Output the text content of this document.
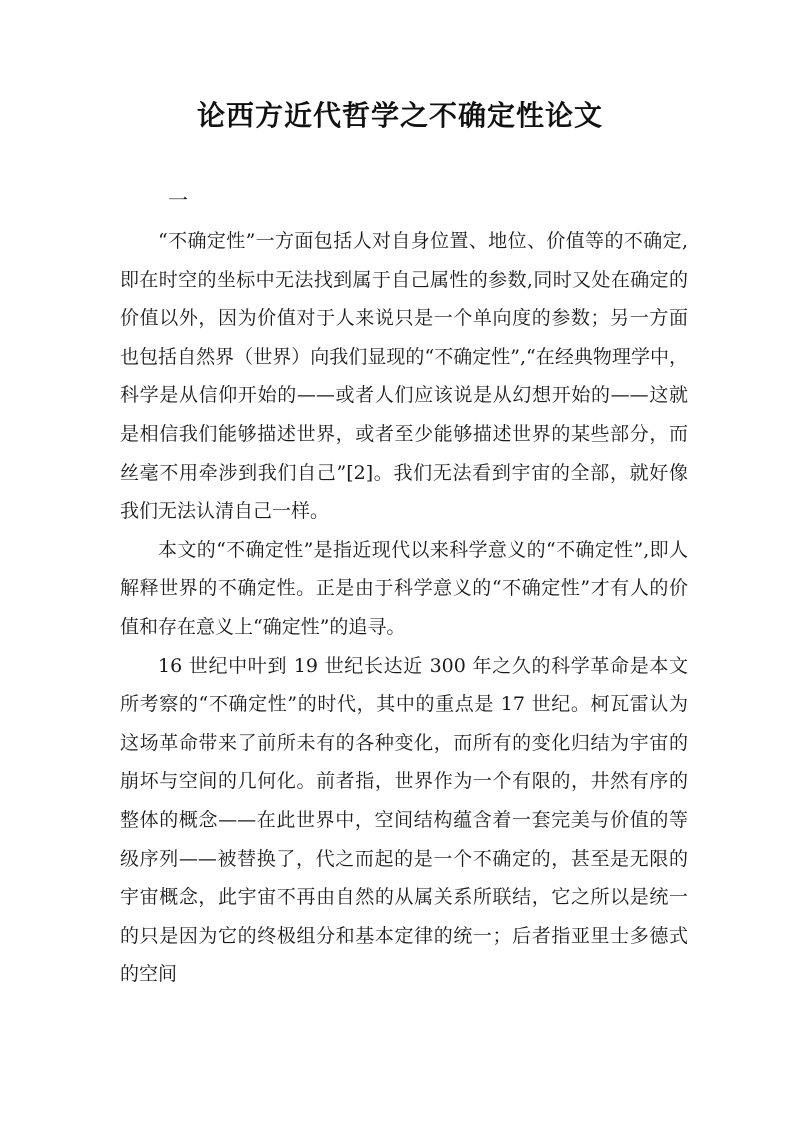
论西方近代哲学之不确定性论文
一

“不确定性”一方面包括人对自身位置、地位、价值等的不确定,即在时空的坐标中无法找到属于自己属性的参数,同时又处在确定的价值以外，因为价值对于人来说只是一个单向度的参数；另一方面也包括自然界（世界）向我们显现的“不确定性”,“在经典物理学中，科学是从信仰开始的——或者人们应该说是从幻想开始的——这就是相信我们能够描述世界，或者至少能够描述世界的某些部分，而丝毫不用牵涉到我们自己”[2]。我们无法看到宇宙的全部，就好像我们无法认清自己一样。

本文的“不确定性”是指近现代以来科学意义的“不确定性”,即人解释世界的不确定性。正是由于科学意义的“不确定性”才有人的价值和存在意义上“确定性”的追寻。

16 世纪中叶到 19 世纪长达近 300 年之久的科学革命是本文所考察的“不确定性”的时代，其中的重点是 17 世纪。柯瓦雷认为这场革命带来了前所未有的各种变化，而所有的变化归结为宇宙的崩坏与空间的几何化。前者指，世界作为一个有限的，井然有序的整体的概念——在此世界中，空间结构蕴含着一套完美与价值的等级序列——被替换了，代之而起的是一个不确定的，甚至是无限的宇宙概念，此宇宙不再由自然的从属关系所联结，它之所以是统一的只是因为它的终极组分和基本定律的统一；后者指亚里士多德式的空间
